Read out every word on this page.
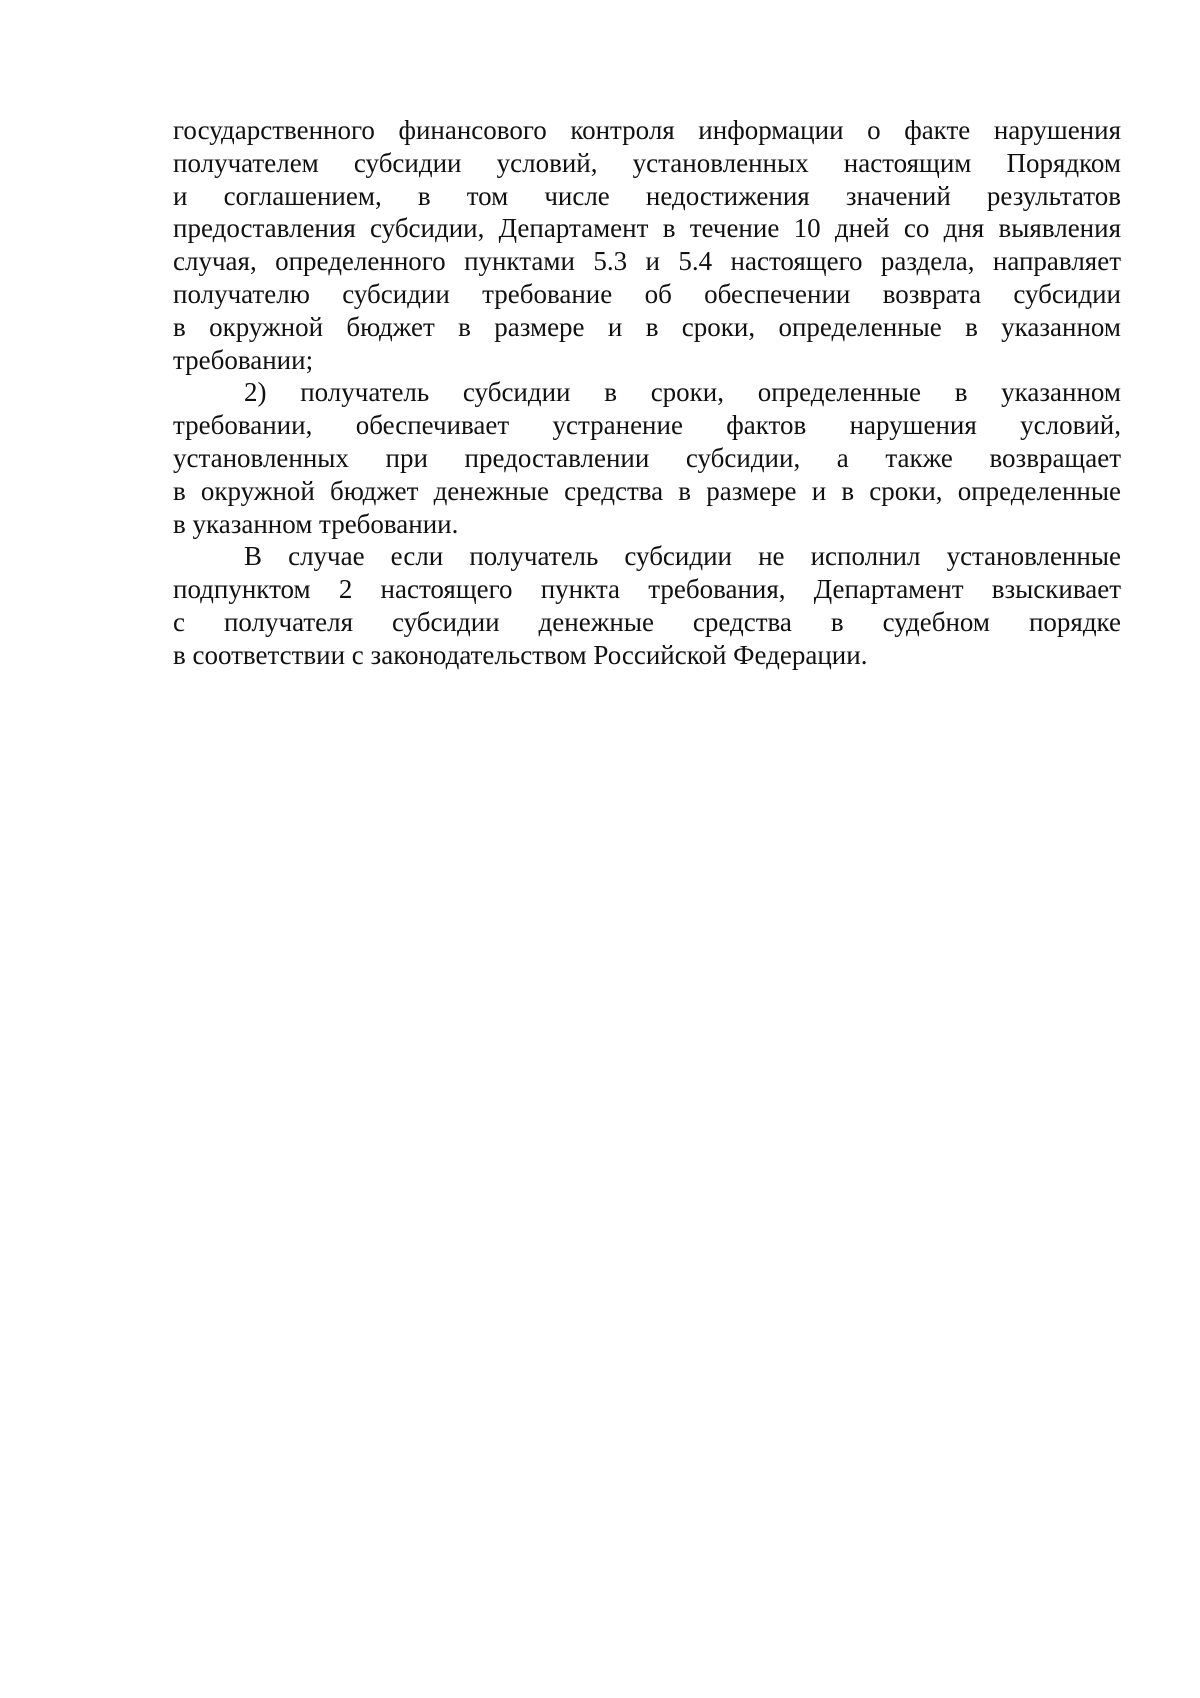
государственного финансового контроля информации о факте нарушения
получателем субсидии условий, установленных настоящим Порядком
и соглашением, в том числе недостижения значений результатов
предоставления субсидии, Департамент в течение 10 дней со дня выявления
случая, определенного пунктами 5.3 и 5.4 настоящего раздела, направляет
получателю субсидии требование об обеспечении возврата субсидии
в окружной бюджет в размере и в сроки, определенные в указанном
требовании;
2) получатель субсидии в сроки, определенные в указанном
требовании, обеспечивает устранение фактов нарушения условий,
установленных при предоставлении субсидии, а также возвращает
в окружной бюджет денежные средства в размере и в сроки, определенные
в указанном требовании.
В случае если получатель субсидии не исполнил установленные
подпунктом 2 настоящего пункта требования, Департамент взыскивает
с получателя субсидии денежные средства в судебном порядке
в соответствии с законодательством Российской Федерации.
